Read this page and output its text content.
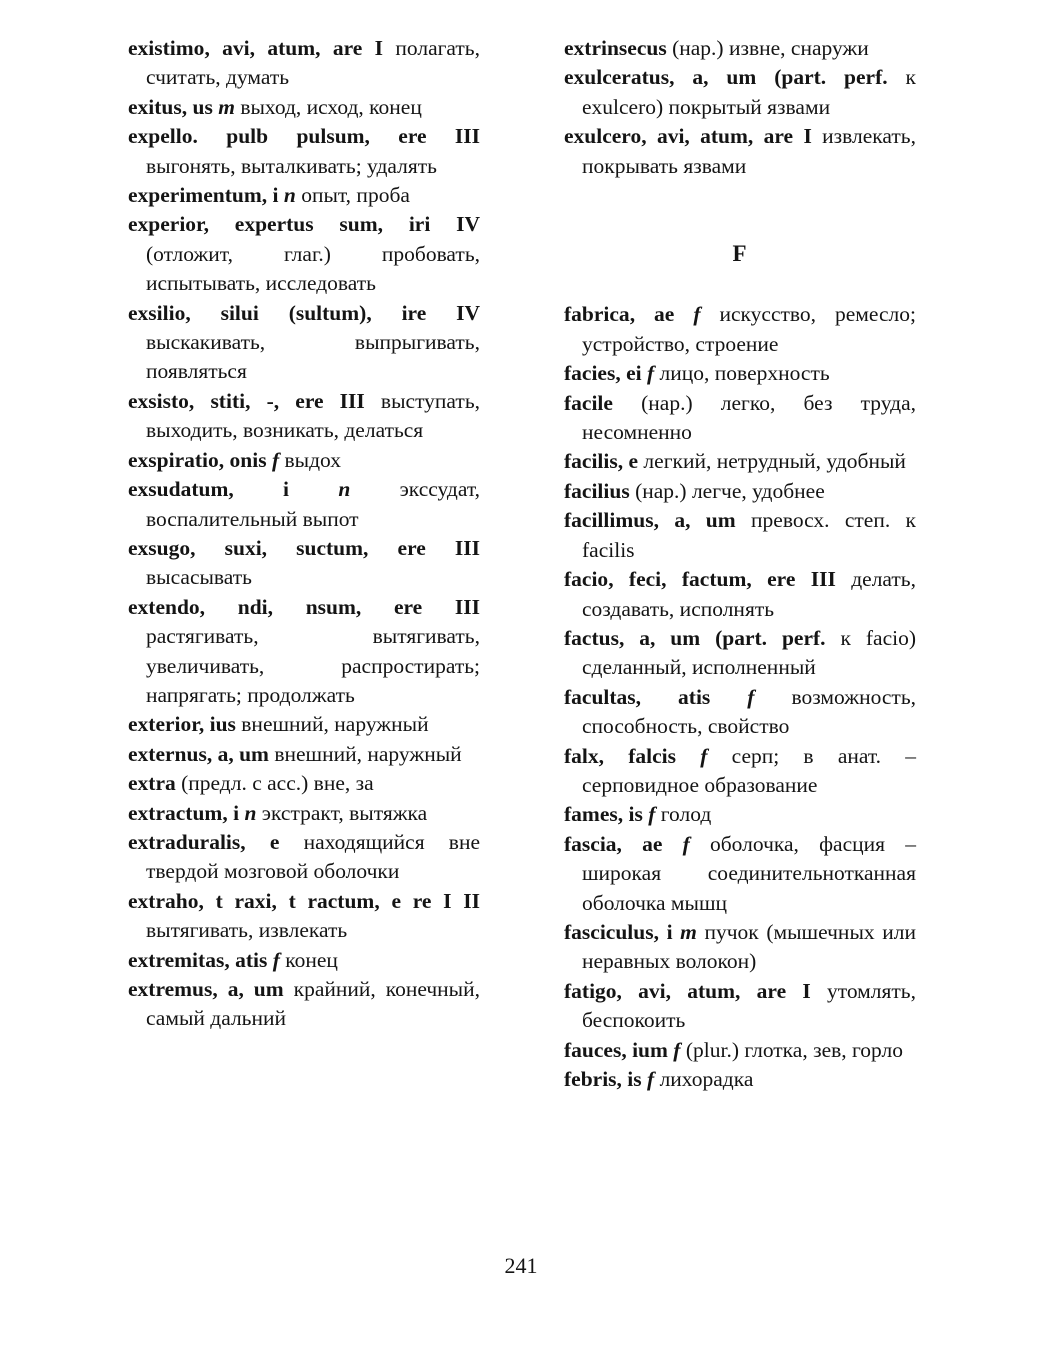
existimo, avi, atum, are I полагать, считать, думать

exitus, us m выход, исход, конец

expello. pulb pulsum, ere III выгонять, выталкивать; удалять

experimentum, i n опыт, проба

experior, expertus sum, iri IV (отложит, глаг.) пробовать, испытывать, исследовать

exsilio, silui (sultum), ire IV выскакивать, выпрыгивать, появляться

exsisto, stiti, -, ere III выступать, выходить, возникать, делаться

exspiratio, onis f выдох

exsudatum, i n экссудат, воспалительный выпот

exsugo, suxi, suctum, ere III высасывать

extendo, ndi, nsum, ere III растягивать, вытягивать, увеличивать, распростирать; напрягать; продолжать

exterior, ius внешний, наружный

externus, a, um внешний, наружный

extra (предл. с acc.) вне, за

extractum, i n экстракт, вытяжка

extraduralis, e находящийся вне твердой мозговой оболочки

extraho, t raxi, t ractum, e re I II вытягивать, извлекать

extremitas, atis f конец

extremus, a, um крайний, конечный, самый дальний

extrinsecus (нар.) извне, снаружи

exulceratus, a, um (part. perf. к exulcero) покрытый язвами

exulcero, avi, atum, are I извлекать, покрывать язвами

F

fabrica, ae f искусство, ремесло; устройство, строение

facies, ei f лицо, поверхность

facile (нар.) легко, без труда, несомненно

facilis, e легкий, нетрудный, удобный

facilius (нар.) легче, удобнее

facillimus, a, um превосх. степ. к facilis

facio, feci, factum, ere III делать, создавать, исполнять

factus, a, um (part. perf. к facio) сделанный, исполненный

facultas, atis f возможность, способность, свойство

falx, falcis f серп; в анат. – серповидное образование

fames, is f голод

fascia, ae f оболочка, фасция – широкая соединительнотканная оболочка мышц

fasciculus, i m пучок (мышечных или неравных волокон)

fatigo, avi, atum, are I утомлять, беспокоить

fauces, ium f (plur.) глотка, зев, горло

febris, is f лихорадка

241
